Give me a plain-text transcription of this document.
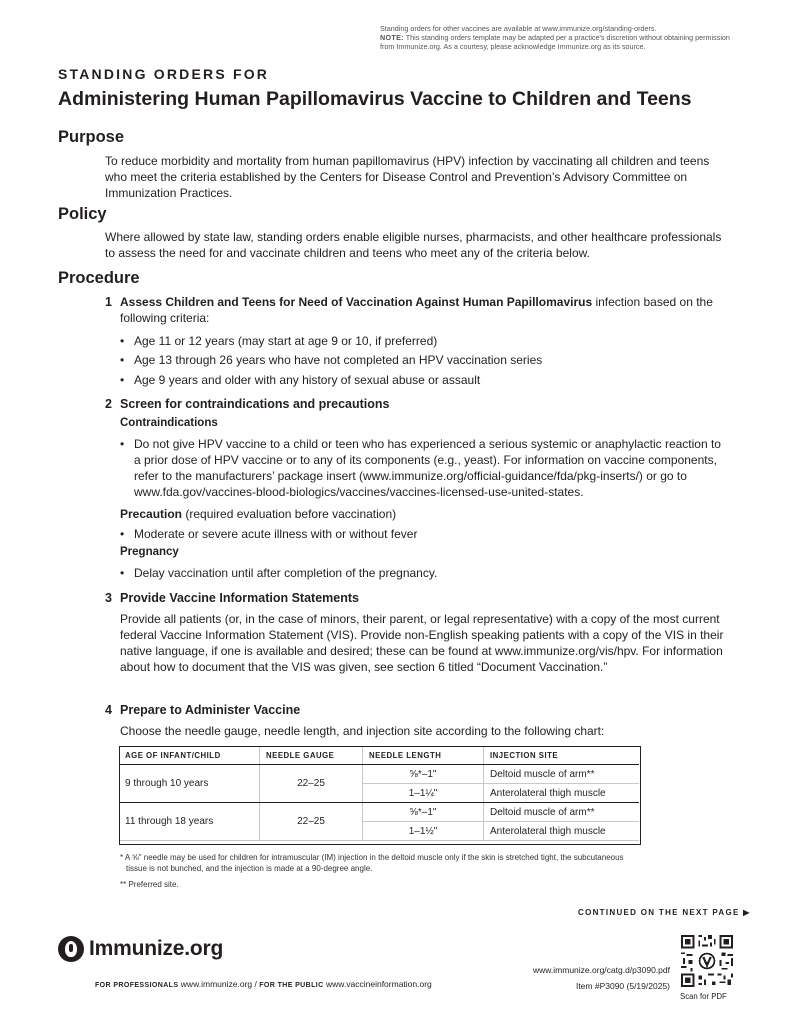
Standing orders for other vaccines are available at www.immunize.org/standing-orders.
NOTE: This standing orders template may be adapted per a practice's discretion without obtaining permission from Immunize.org. As a courtesy, please acknowledge Immunize.org as its source.
STANDING ORDERS FOR
Administering Human Papillomavirus Vaccine to Children and Teens
Purpose

To reduce morbidity and mortality from human papillomavirus (HPV) infection by vaccinating all children and teens who meet the criteria established by the Centers for Disease Control and Prevention’s Advisory Committee on Immunization Practices.

Policy

Where allowed by state law, standing orders enable eligible nurses, pharmacists, and other healthcare professionals to assess the need for and vaccinate children and teens who meet any of the criteria below.

Procedure
1 Assess Children and Teens for Need of Vaccination Against Human Papillomavirus infection based on the following criteria:

• Age 11 or 12 years (may start at age 9 or 10, if preferred)
• Age 13 through 26 years who have not completed an HPV vaccination series
• Age 9 years and older with any history of sexual abuse or assault
2 Screen for contraindications and precautions
Contraindications
• Do not give HPV vaccine to a child or teen who has experienced a serious systemic or anaphylactic reaction to a prior dose of HPV vaccine or to any of its components (e.g., yeast). For information on vaccine components, refer to the manufacturers’ package insert (www.immunize.org/official-guidance/fda/pkg-inserts/) or go to www.fda.gov/vaccines-blood-biologics/vaccines/vaccines-licensed-use-united-states.
Precaution (required evaluation before vaccination)
• Moderate or severe acute illness with or without fever
Pregnancy
• Delay vaccination until after completion of the pregnancy.
3 Provide Vaccine Information Statements

Provide all patients (or, in the case of minors, their parent, or legal representative) with a copy of the most current federal Vaccine Information Statement (VIS). Provide non-English speaking patients with a copy of the VIS in their native language, if one is available and desired; these can be found at www.immunize.org/vis/hpv. For information about how to document that the VIS was given, see section 6 titled “Document Vaccination.”

4 Prepare to Administer Vaccine

Choose the needle gauge, needle length, and injection site according to the following chart:

AGE OF INFANT/CHILD	NEEDLE GAUGE	NEEDLE LENGTH	INJECTION SITE
9 through 10 years	22–25	⅝*–1"	Deltoid muscle of arm**
		1–1¼"	Anterolateral thigh muscle
11 through 18 years	22–25	⅝*–1"	Deltoid muscle of arm**
		1–1½"	Anterolateral thigh muscle
* A ⅝" needle may be used for children for intramuscular (IM) injection in the deltoid muscle only if the skin is stretched tight, the subcutaneous tissue is not bunched, and the injection is made at a 90-degree angle.
** Preferred site.
CONTINUED ON THE NEXT PAGE ▶
Immunize.org
FOR PROFESSIONALS www.immunize.org / FOR THE PUBLIC www.vaccineinformation.org
www.immunize.org/catg.d/p3090.pdf
Item #P3090 (5/19/2025)
Scan for PDF
